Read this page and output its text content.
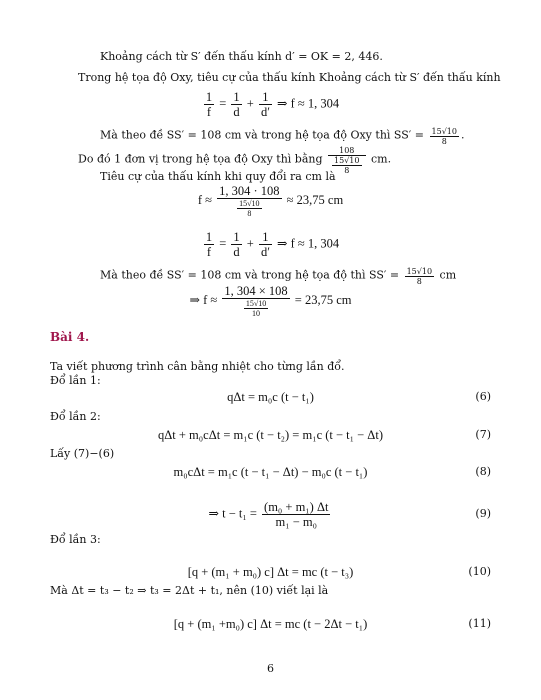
Khoảng cách từ S′ đến thấu kính d′ = OK = 2, 446.
Trong hệ tọa độ Oxy, tiêu cự của thấu kính Khoảng cách từ S′ đến thấu kính
$\frac{1}{f} = \frac{1}{d} + \frac{1}{d'}$ ⇒ f ≈ 1, 304
Mà theo đề SS′ = 108 cm và trong hệ tọa độ Oxy thì $SS' = \frac{15√10}{8}$ .
Do đó 1 đơn vị trong hệ tọa độ Oxy thì bằng $\frac{108}{\frac{15√10}{8}}$ cm.
Tiêu cự của thấu kính khi quy đổi ra cm là
$f \approx \frac{1, 304 \cdot 108}{\frac{15√10}{8}} \approx 23,75$ cm
$\frac{1}{f} = \frac{1}{d} + \frac{1}{d'}$ ⇒ f ≈ 1, 304
Mà theo đề SS′ = 108 cm và trong hệ tọa độ thì $SS' = \frac{15√10}{8}$ cm
⇒ $f \approx \frac{1, 304 \times 108}{\frac{15√10}{10}} = 23,75$ cm
Bài 4.
Ta viết phương trình cân bằng nhiệt cho từng lần đổ.
Đổ lần 1:
qΔt = m₀c (t − t₁)	(6)
Đổ lần 2:
qΔt + m₀cΔt = m₁c (t − t₂) = m₁c (t − t₁ − Δt)	(7)
Lấy (7)−(6)
m₀cΔt = m₁c (t − t₁ − Δt) − m₀c (t − t₁)	(8)
⇒ $t - t_1 = \frac{\text{(m₀ + m₁) Δt}}{\text{m₁ − m₀}}$	(9)
Đổ lần 3:
[q + (m₁ + m₀) c] Δt = mc (t − t₃)	(10)
Mà Δt = t₃ − t₂ ⇒ t₃ = 2Δt + t₁, nên (10) viết lại là
[q + (m₁ +m₀) c] Δt = mc (t − 2Δt − t₁)	(11)
6
